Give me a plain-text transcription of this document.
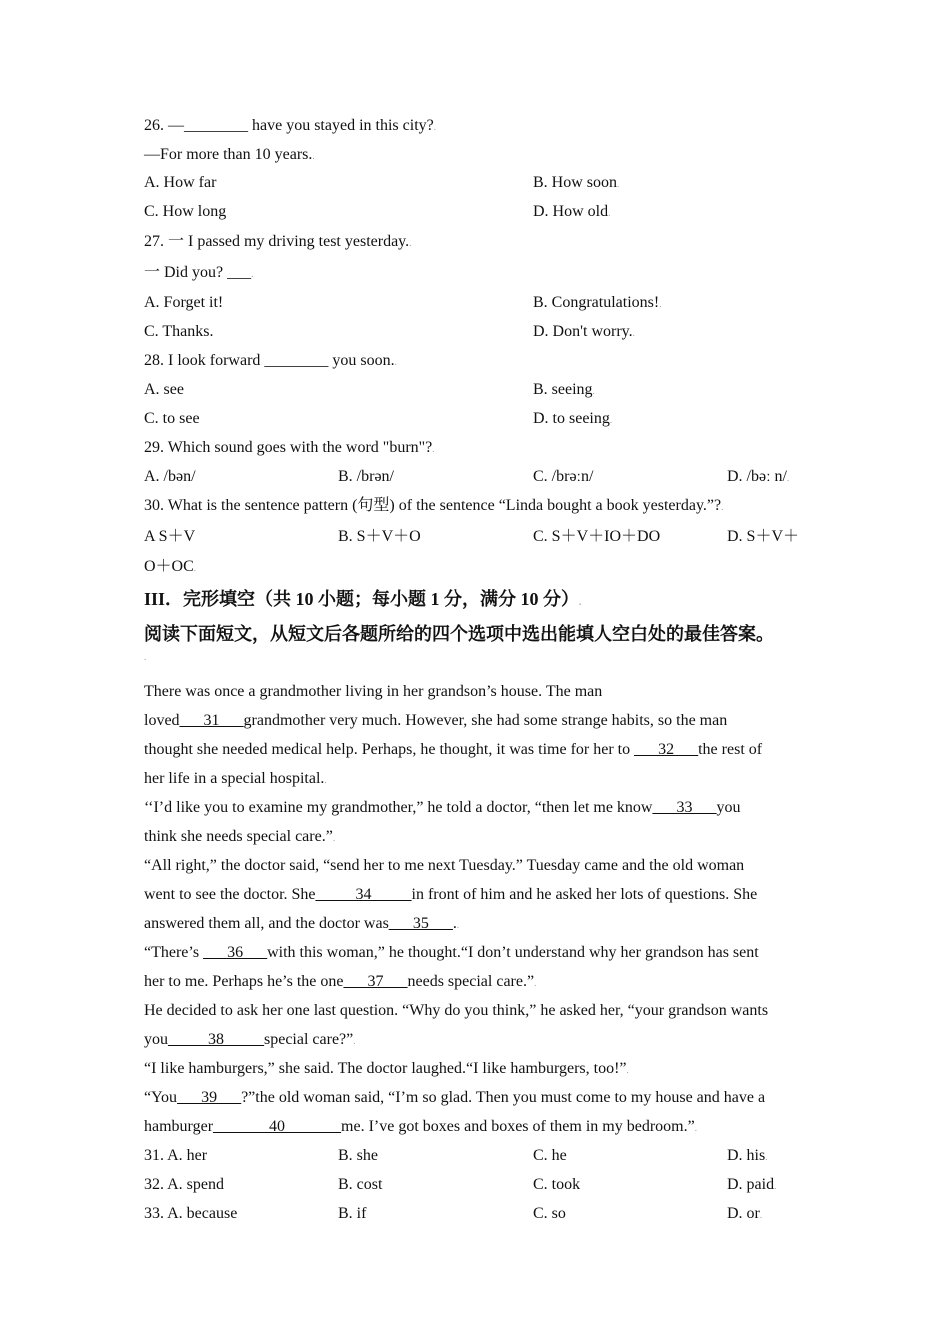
26. —________ have you stayed in this city?.
—For more than 10 years..
A. How far	B. How soon.
C. How long	D. How old.
27. 一 I passed my driving test yesterday..
一 Did you? ___.
A. Forget it!	B. Congratulations!.
C. Thanks.	D. Don't worry..
28. I look forward ________ you soon..
A. see	B. seeing.
C. to see	D. to seeing.
29. Which sound goes with the word "burn"?.
A. /bən/	B. /brən/	C. /brəːn/	D. /bəː n/.
30. What is the sentence pattern (句型) of the sentence “Linda bought a book yesterday.”?.
A S＋V	B. S＋V＋O	C. S＋V＋IO＋DO	D. S＋V＋
O＋OC.
III．完形填空（共 10 小题；每小题 1 分，满分 10 分）.
阅读下面短文，从短文后各题所给的四个选项中选出能填人空白处的最佳答案。
.
There was once a grandmother living in her grandson’s house. The man
loved___31___grandmother very much. However, she had some strange habits, so the man
thought she needed medical help. Perhaps, he thought, it was time for her to ___32___the rest of
her life in a special hospital..
‘‘I’d like you to examine my grandmother,” he told a doctor, “then let me know___33___you
think she needs special care.”.
“All right,” the doctor said, “send her to me next Tuesday.” Tuesday came and the old woman
went to see the doctor. She_____34_____in front of him and he asked her lots of questions. She
answered them all, and the doctor was___35___..
“There’s ___36___with this woman,” he thought.“I don’t understand why her grandson has sent
her to me. Perhaps he’s the one___37___needs special care.”.
He decided to ask her one last question. “Why do you think,” he asked her, “your grandson wants
you_____38_____special care?”.
“I like hamburgers,” she said. The doctor laughed.“I like hamburgers, too!”.
“You___39___?”the old woman said, “I’m so glad. Then you must come to my house and have a
hamburger_______40_______me. I’ve got boxes and boxes of them in my bedroom.”.
31. A. her	B. she	C. he	D. his.
32. A. spend	B. cost	C. took	D. paid.
33. A. because	B. if	C. so	D. or.
